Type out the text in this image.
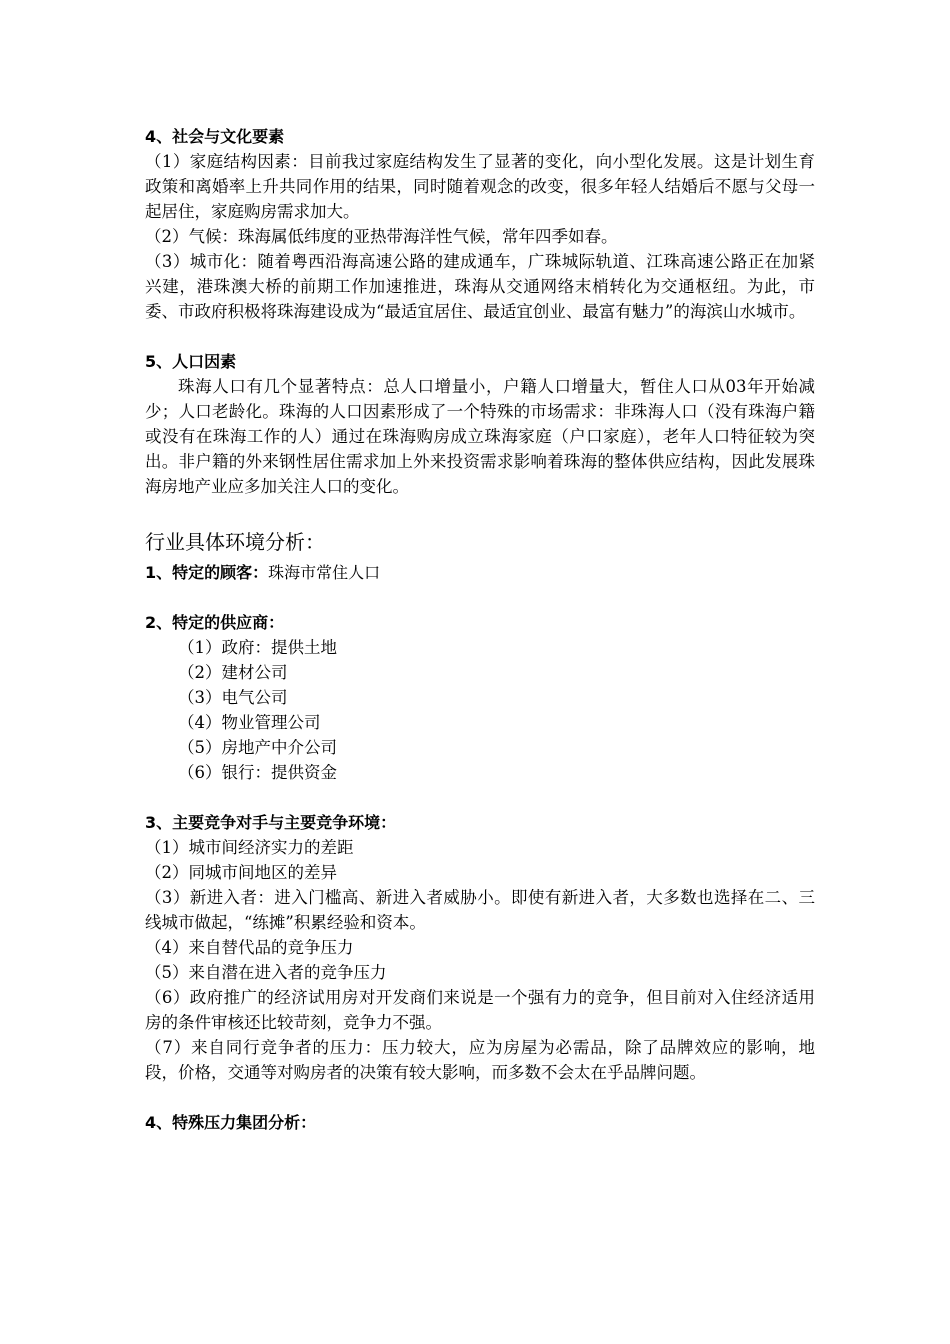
4、社会与文化要素

（1）家庭结构因素：目前我过家庭结构发生了显著的变化，向小型化发展。这是计划生育政策和离婚率上升共同作用的结果，同时随着观念的改变，很多年轻人结婚后不愿与父母一起居住，家庭购房需求加大。

（2）气候：珠海属低纬度的亚热带海洋性气候，常年四季如春。

（3）城市化：随着粤西沿海高速公路的建成通车，广珠城际轨道、江珠高速公路正在加紧兴建，港珠澳大桥的前期工作加速推进，珠海从交通网络末梢转化为交通枢纽。为此，市委、市政府积极将珠海建设成为“最适宜居住、最适宜创业、最富有魅力”的海滨山水城市。

5、人口因素

珠海人口有几个显著特点：总人口增量小，户籍人口增量大，暂住人口从03年开始减少；人口老龄化。珠海的人口因素形成了一个特殊的市场需求：非珠海人口（没有珠海户籍或没有在珠海工作的人）通过在珠海购房成立珠海家庭（户口家庭），老年人口特征较为突出。非户籍的外来钢性居住需求加上外来投资需求影响着珠海的整体供应结构，因此发展珠海房地产业应多加关注人口的变化。

行业具体环境分析：

1、特定的顾客：珠海市常住人口

2、特定的供应商：

（1）政府：提供土地

（2）建材公司

（3）电气公司

（4）物业管理公司

（5）房地产中介公司

（6）银行：提供资金

3、主要竞争对手与主要竞争环境：

（1）城市间经济实力的差距

（2）同城市间地区的差异

（3）新进入者：进入门槛高、新进入者威胁小。即使有新进入者，大多数也选择在二、三线城市做起，“练摊”积累经验和资本。

（4）来自替代品的竞争压力

（5）来自潜在进入者的竞争压力

（6）政府推广的经济试用房对开发商们来说是一个强有力的竞争，但目前对入住经济适用房的条件审核还比较苛刻，竞争力不强。

（7）来自同行竞争者的压力：压力较大，应为房屋为必需品，除了品牌效应的影响，地段，价格，交通等对购房者的决策有较大影响，而多数不会太在乎品牌问题。

4、特殊压力集团分析：
